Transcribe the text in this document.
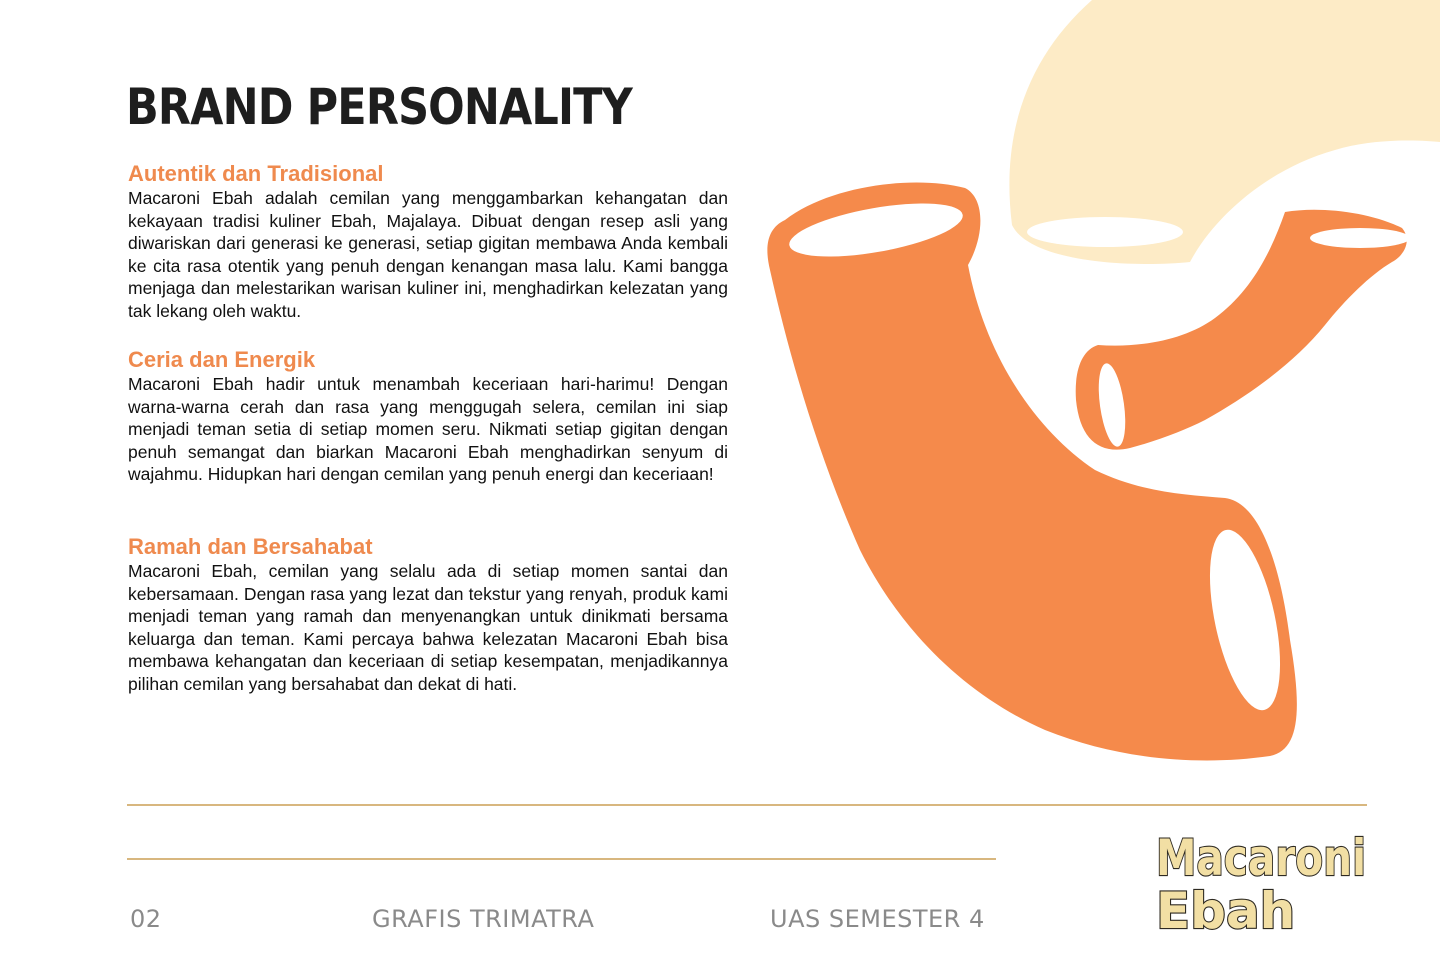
BRAND PERSONALITY
Autentik dan Tradisional

Macaroni Ebah adalah cemilan yang menggambarkan kehangatan dan kekayaan tradisi kuliner Ebah, Majalaya. Dibuat dengan resep asli yang diwariskan dari generasi ke generasi, setiap gigitan membawa Anda kembali ke cita rasa otentik yang penuh dengan kenangan masa lalu. Kami bangga menjaga dan melestarikan warisan kuliner ini, menghadirkan kelezatan yang tak lekang oleh waktu.

Ceria dan Energik

Macaroni Ebah hadir untuk menambah keceriaan hari-harimu! Dengan warna-warna cerah dan rasa yang menggugah selera, cemilan ini siap menjadi teman setia di setiap momen seru. Nikmati setiap gigitan dengan penuh semangat dan biarkan Macaroni Ebah menghadirkan senyum di wajahmu. Hidupkan hari dengan cemilan yang penuh energi dan keceriaan!

Ramah dan Bersahabat

Macaroni Ebah, cemilan yang selalu ada di setiap momen santai dan kebersamaan. Dengan rasa yang lezat dan tekstur yang renyah, produk kami menjadi teman yang ramah dan menyenangkan untuk dinikmati bersama keluarga dan teman. Kami percaya bahwa kelezatan Macaroni Ebah bisa membawa kehangatan dan keceriaan di setiap kesempatan, menjadikannya pilihan cemilan yang bersahabat dan dekat di hati.

02	GRAFIS TRIMATRA	UAS SEMESTER 4
Macaroni
Ebah
